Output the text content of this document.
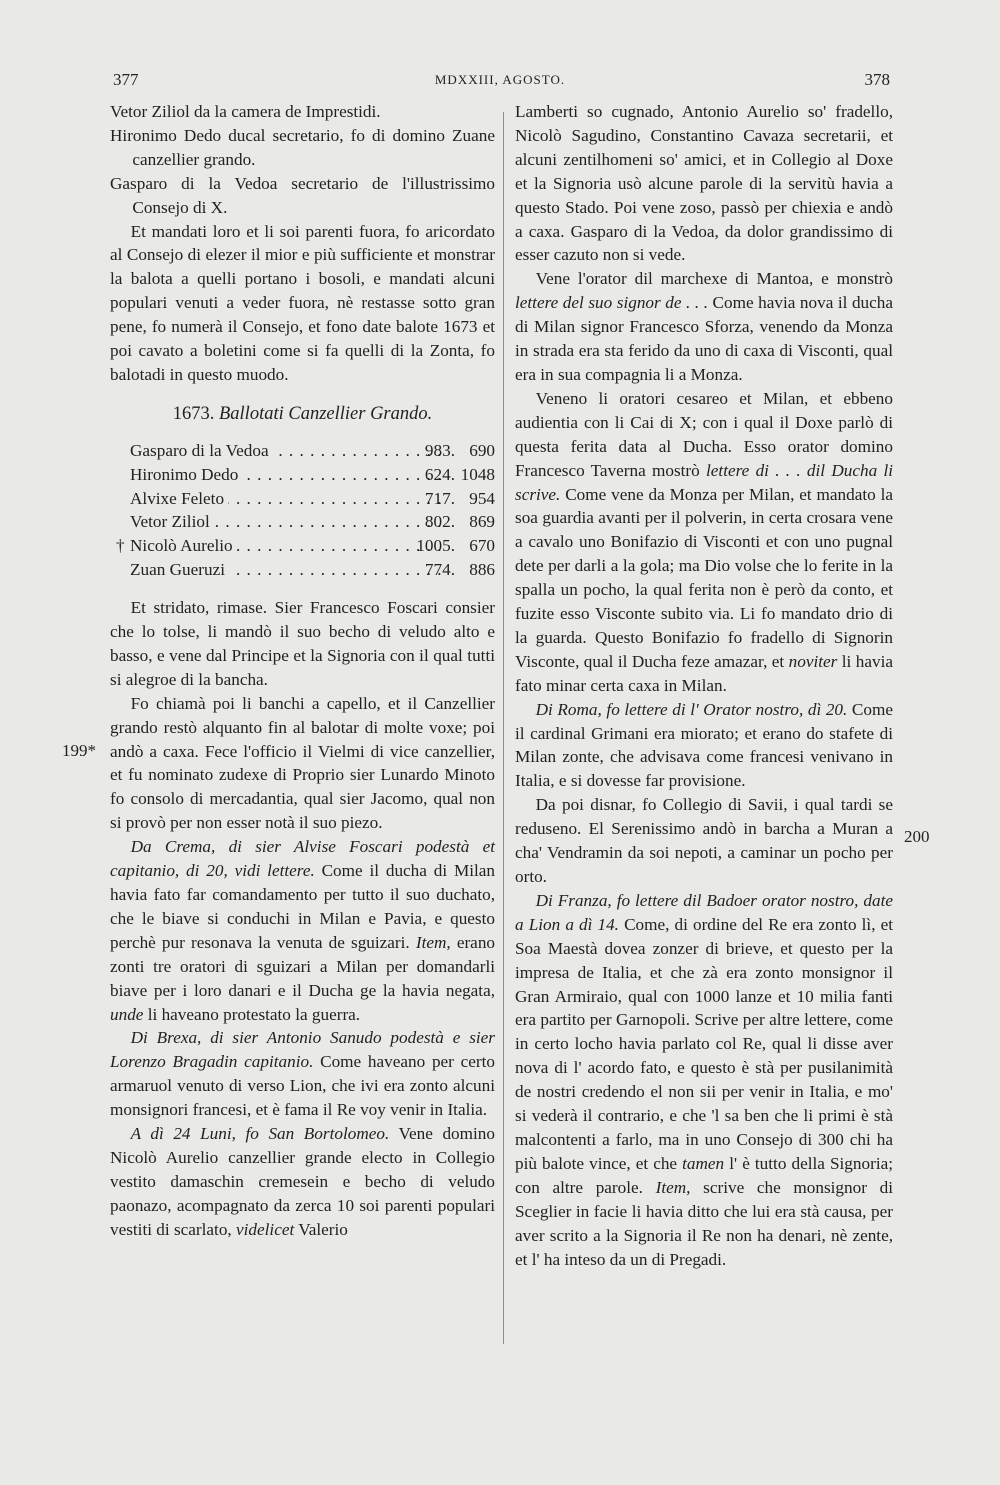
377	MDXXIII, AGOSTO.	378
199*
200

Vetor Ziliol da la camera de Imprestidi.

Hironimo Dedo ducal secretario, fo di domino Zuane canzellier grando.

Gasparo di la Vedoa secretario de l'illustrissimo Consejo di X.

Et mandati loro et li soi parenti fuora, fo aricordato al Consejo di elezer il mior e più sufficiente et monstrar la balota a quelli portano i bosoli, e mandati alcuni populari venuti a veder fuora, nè restasse sotto gran pene, fo numerà il Consejo, et fono date balote 1673 et poi cavato a boletini come si fa quelli di la Zonta, fo balotadi in questo muodo.

1673. Ballotati Canzellier Grando.
Gasparo di la Vedoa . . .	983. 690
Hironimo Dedo . . .	624. 1048
Alvixe Feleto . . .	717. 954
Vetor Ziliol . . .	802. 869
† Nicolò Aurelio . . .	1005. 670
Zuan Gueruzi . . .	774. 886

Et stridato, rimase. Sier Francesco Foscari consier che lo tolse, li mandò il suo becho di veludo alto e basso, e vene dal Principe et la Signoria con il qual tutti si alegroe di la bancha.

Fo chiamà poi li banchi a capello, et il Canzellier grando restò alquanto fin al balotar di molte voxe; poi andò a caxa. Fece l'officio il Vielmi di vice canzellier, et fu nominato zudexe di Proprio sier Lunardo Minoto fo consolo di mercadantia, qual sier Jacomo, qual non si provò per non esser notà il suo piezo.

Da Crema, di sier Alvise Foscari podestà et capitanio, di 20, vidi lettere. Come il ducha di Milan havia fato far comandamento per tutto il suo duchato, che le biave si conduchi in Milan e Pavia, e questo perchè pur resonava la venuta de sguizari. Item, erano zonti tre oratori di sguizari a Milan per domandarli biave per i loro danari e il Ducha ge la havia negata, unde li haveano protestato la guerra.

Di Brexa, di sier Antonio Sanudo podestà e sier Lorenzo Bragadin capitanio. Come haveano per certo armaruol venuto di verso Lion, che ivi era zonto alcuni monsignori francesi, et è fama il Re voy venir in Italia.

A dì 24 Luni, fo San Bortolomeo. Vene domino Nicolò Aurelio canzellier grande electo in Collegio vestito damaschin cremesein e becho di veludo paonazo, acompagnato da zerca 10 soi parenti populari vestiti di scarlato, videlicet Valerio

Lamberti so cugnado, Antonio Aurelio so' fradello, Nicolò Sagudino, Constantino Cavaza secretarii, et alcuni zentilhomeni so' amici, et in Collegio al Doxe et la Signoria usò alcune parole di la servitù havia a questo Stado. Poi vene zoso, passò per chiexia e andò a caxa. Gasparo di la Vedoa, da dolor grandissimo di esser cazuto non si vede.

Vene l'orator dil marchexe di Mantoa, e monstrò lettere del suo signor de . . . Come havia nova il ducha di Milan signor Francesco Sforza, venendo da Monza in strada era sta ferido da uno di caxa di Visconti, qual era in sua compagnia li a Monza.

Veneno li oratori cesareo et Milan, et ebbeno audientia con li Cai di X; con i qual il Doxe parlò di questa ferita data al Ducha. Esso orator domino Francesco Taverna mostrò lettere di . . . dil Ducha li scrive. Come vene da Monza per Milan, et mandato la soa guardia avanti per il polverin, in certa crosara vene a cavalo uno Bonifazio di Visconti et con uno pugnal dete per darli a la gola; ma Dio volse che lo ferite in la spalla un pocho, la qual ferita non è però da conto, et fuzite esso Visconte subito via. Li fo mandato drio di la guarda. Questo Bonifazio fo fradello di Signorin Visconte, qual il Ducha feze amazar, et noviter li havia fato minar certa caxa in Milan.

Di Roma, fo lettere di l' Orator nostro, dì 20. Come il cardinal Grimani era miorato; et erano do stafete di Milan zonte, che advisava come francesi venivano in Italia, e si dovesse far provisione.

Da poi disnar, fo Collegio di Savii, i qual tardi se reduseno. El Serenissimo andò in barcha a Muran a cha' Vendramin da soi nepoti, a caminar un pocho per orto.

Di Franza, fo lettere dil Badoer orator nostro, date a Lion a dì 14. Come, di ordine del Re era zonto lì, et Soa Maestà dovea zonzer di brieve, et questo per la impresa de Italia, et che zà era zonto monsignor il Gran Armiraio, qual con 1000 lanze et 10 milia fanti era partito per Garnopoli. Scrive per altre lettere, come in certo locho havia parlato col Re, qual li disse aver nova di l' acordo fato, e questo è stà per pusilanimità de nostri credendo el non sii per venir in Italia, e mo' si vederà il contrario, e che 'l sa ben che li primi è stà malcontenti a farlo, ma in uno Consejo di 300 chi ha più balote vince, et che tamen l' è tutto della Signoria; con altre parole. Item, scrive che monsignor di Sceglier in facie li havia ditto che lui era stà causa, per aver scrito a la Signoria il Re non ha denari, nè zente, et l' ha inteso da un di Pregadi.
